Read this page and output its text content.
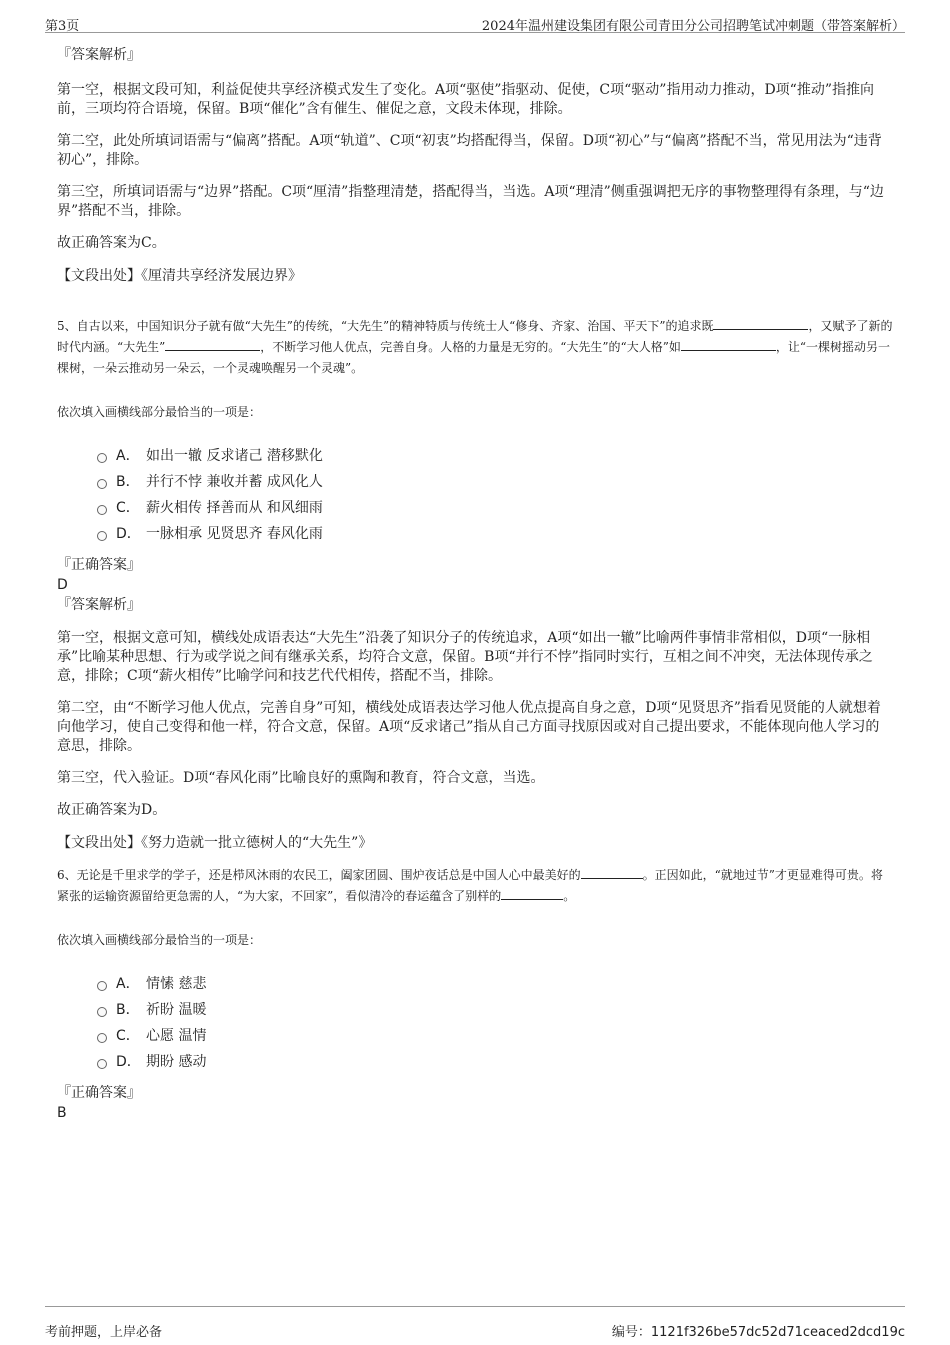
第3页	2024年温州建设集团有限公司青田分公司招聘笔试冲刺题（带答案解析）

『答案解析』

第一空，根据文段可知，利益促使共享经济模式发生了变化。A项“驱使”指驱动、促使，C项“驱动”指用动力推动，D项“推动”指推向前，三项均符合语境，保留。B项“催化”含有催生、催促之意，文段未体现，排除。

第二空，此处所填词语需与“偏离”搭配。A项“轨道”、C项“初衷”均搭配得当，保留。D项“初心”与“偏离”搭配不当，常见用法为“违背初心”，排除。

第三空，所填词语需与“边界”搭配。C项“厘清”指整理清楚，搭配得当，当选。A项“理清”侧重强调把无序的事物整理得有条理，与“边界”搭配不当，排除。

故正确答案为C。

【文段出处】《厘清共享经济发展边界》

5、自古以来，中国知识分子就有做“大先生”的传统，“大先生”的精神特质与传统士人“修身、齐家、治国、平天下”的追求既	，又赋予了新的时代内涵。“大先生”	，不断学习他人优点，完善自身。人格的力量是无穷的。“大先生”的“大人格”如	，让“一棵树摇动另一棵树，一朵云推动另一朵云，一个灵魂唤醒另一个灵魂”。

依次填入画横线部分最恰当的一项是：

A． 如出一辙 反求诸己 潜移默化
B． 并行不悖 兼收并蓄 成风化人
C． 薪火相传 择善而从 和风细雨
D． 一脉相承 见贤思齐 春风化雨

『正确答案』

D

『答案解析』

第一空，根据文意可知，横线处成语表达“大先生”沿袭了知识分子的传统追求，A项“如出一辙”比喻两件事情非常相似，D项“一脉相承”比喻某种思想、行为或学说之间有继承关系，均符合文意，保留。B项“并行不悖”指同时实行，互相之间不冲突，无法体现传承之意，排除；C项“薪火相传”比喻学问和技艺代代相传，搭配不当，排除。

第二空，由“不断学习他人优点，完善自身”可知，横线处成语表达学习他人优点提高自身之意，D项“见贤思齐”指看见贤能的人就想着向他学习，使自己变得和他一样，符合文意，保留。A项“反求诸己”指从自己方面寻找原因或对自己提出要求，不能体现向他人学习的意思，排除。

第三空，代入验证。D项“春风化雨”比喻良好的熏陶和教育，符合文意，当选。

故正确答案为D。

【文段出处】《努力造就一批立德树人的“大先生”》

6、无论是千里求学的学子，还是栉风沐雨的农民工，阖家团圆、围炉夜话总是中国人心中最美好的	。正因如此，“就地过节”才更显难得可贵。将紧张的运输资源留给更急需的人，“为大家，不回家”，看似清冷的春运蕴含了别样的	。

依次填入画横线部分最恰当的一项是：

A． 情愫 慈悲
B． 祈盼 温暖
C． 心愿 温情
D． 期盼 感动

『正确答案』

B

考前押题，上岸必备	编号：1121f326be57dc52d71ceaced2dcd19c
